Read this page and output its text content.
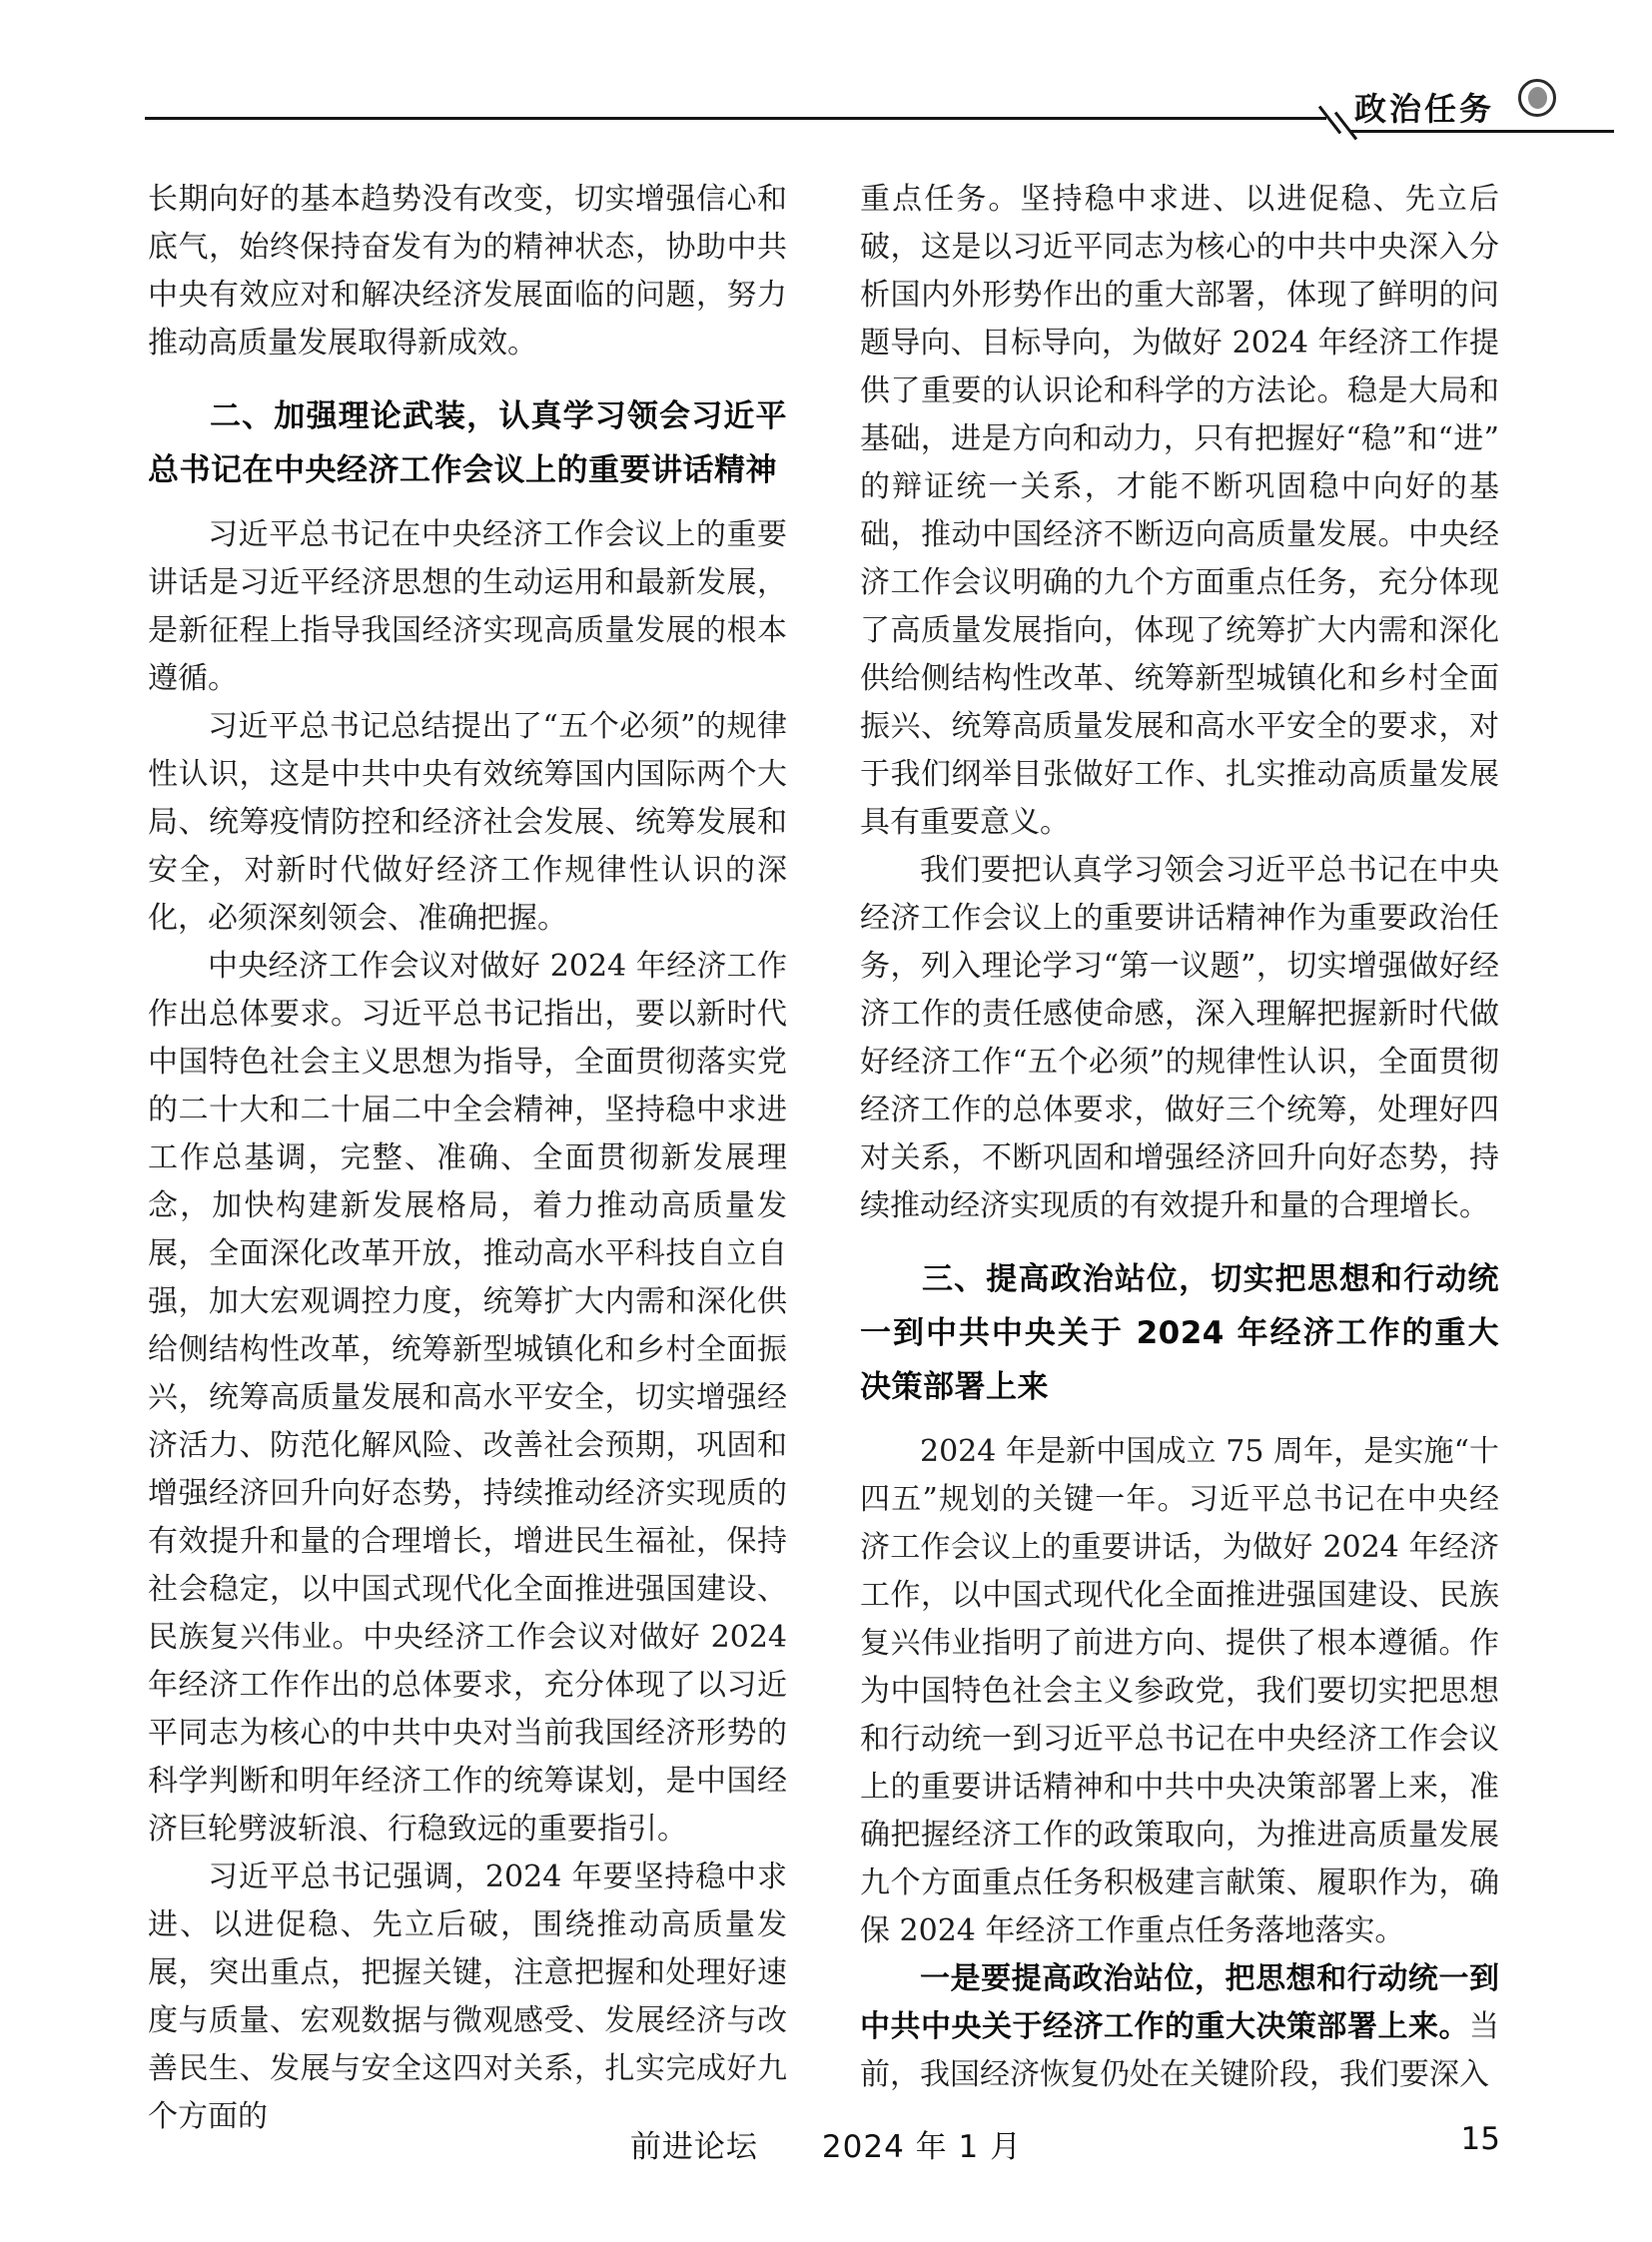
政治任务

长期向好的基本趋势没有改变，切实增强信心和底气，始终保持奋发有为的精神状态，协助中共中央有效应对和解决经济发展面临的问题，努力推动高质量发展取得新成效。

二、加强理论武装，认真学习领会习近平总书记在中央经济工作会议上的重要讲话精神

习近平总书记在中央经济工作会议上的重要讲话是习近平经济思想的生动运用和最新发展，是新征程上指导我国经济实现高质量发展的根本遵循。

习近平总书记总结提出了“五个必须”的规律性认识，这是中共中央有效统筹国内国际两个大局、统筹疫情防控和经济社会发展、统筹发展和安全，对新时代做好经济工作规律性认识的深化，必须深刻领会、准确把握。

中央经济工作会议对做好 2024 年经济工作作出总体要求。习近平总书记指出，要以新时代中国特色社会主义思想为指导，全面贯彻落实党的二十大和二十届二中全会精神，坚持稳中求进工作总基调，完整、准确、全面贯彻新发展理念，加快构建新发展格局，着力推动高质量发展，全面深化改革开放，推动高水平科技自立自强，加大宏观调控力度，统筹扩大内需和深化供给侧结构性改革，统筹新型城镇化和乡村全面振兴，统筹高质量发展和高水平安全，切实增强经济活力、防范化解风险、改善社会预期，巩固和增强经济回升向好态势，持续推动经济实现质的有效提升和量的合理增长，增进民生福祉，保持社会稳定，以中国式现代化全面推进强国建设、民族复兴伟业。中央经济工作会议对做好 2024 年经济工作作出的总体要求，充分体现了以习近平同志为核心的中共中央对当前我国经济形势的科学判断和明年经济工作的统筹谋划，是中国经济巨轮劈波斩浪、行稳致远的重要指引。

习近平总书记强调，2024 年要坚持稳中求进、以进促稳、先立后破，围绕推动高质量发展，突出重点，把握关键，注意把握和处理好速度与质量、宏观数据与微观感受、发展经济与改善民生、发展与安全这四对关系，扎实完成好九个方面的

重点任务。坚持稳中求进、以进促稳、先立后破，这是以习近平同志为核心的中共中央深入分析国内外形势作出的重大部署，体现了鲜明的问题导向、目标导向，为做好 2024 年经济工作提供了重要的认识论和科学的方法论。稳是大局和基础，进是方向和动力，只有把握好“稳”和“进”的辩证统一关系，才能不断巩固稳中向好的基础，推动中国经济不断迈向高质量发展。中央经济工作会议明确的九个方面重点任务，充分体现了高质量发展指向，体现了统筹扩大内需和深化供给侧结构性改革、统筹新型城镇化和乡村全面振兴、统筹高质量发展和高水平安全的要求，对于我们纲举目张做好工作、扎实推动高质量发展具有重要意义。

我们要把认真学习领会习近平总书记在中央经济工作会议上的重要讲话精神作为重要政治任务，列入理论学习“第一议题”，切实增强做好经济工作的责任感使命感，深入理解把握新时代做好经济工作“五个必须”的规律性认识，全面贯彻经济工作的总体要求，做好三个统筹，处理好四对关系，不断巩固和增强经济回升向好态势，持续推动经济实现质的有效提升和量的合理增长。

三、提高政治站位，切实把思想和行动统一到中共中央关于 2024 年经济工作的重大决策部署上来

2024 年是新中国成立 75 周年，是实施“十四五”规划的关键一年。习近平总书记在中央经济工作会议上的重要讲话，为做好 2024 年经济工作，以中国式现代化全面推进强国建设、民族复兴伟业指明了前进方向、提供了根本遵循。作为中国特色社会主义参政党，我们要切实把思想和行动统一到习近平总书记在中央经济工作会议上的重要讲话精神和中共中央决策部署上来，准确把握经济工作的政策取向，为推进高质量发展九个方面重点任务积极建言献策、履职作为，确保 2024 年经济工作重点任务落地落实。

一是要提高政治站位，把思想和行动统一到中共中央关于经济工作的重大决策部署上来。当前，我国经济恢复仍处在关键阶段，我们要深入

前进论坛　　2024 年 1 月	15
